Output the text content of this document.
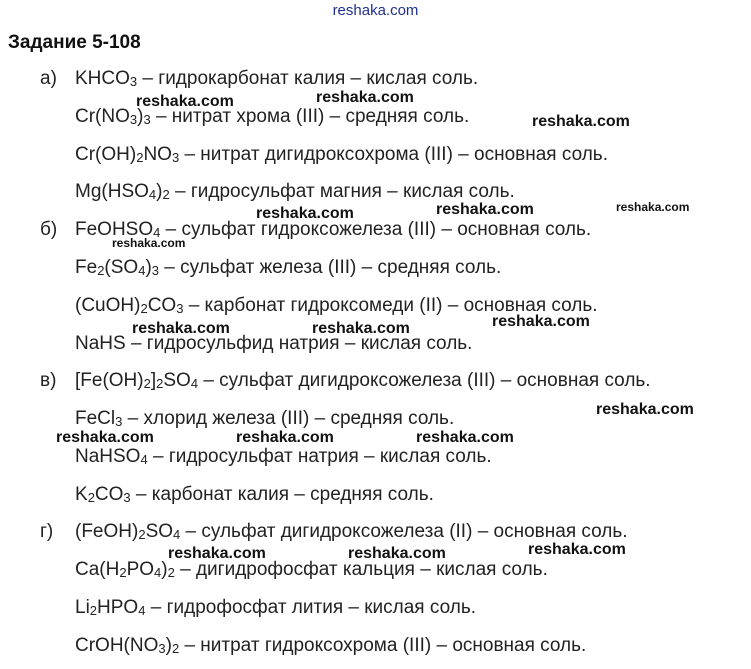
reshaka.com
Задание 5-108
а)
б)
в)
г)
$KHCO_3$ – гидрокарбонат калия – кислая соль.
$Cr(NO_3)_3$ – нитрат хрома (III) – средняя соль.
$Cr(OH)_2NO_3$ – нитрат дигидроксохрома (III) – основная соль.
$Mg(HSO_4)_2$ – гидросульфат магния – кислая соль.
FeOHSO$_4$ – сульфат гидроксожелеза (III) – основная соль.
$Fe_2(SO_4)_3$ – сульфат железа (III) – средняя соль.
$(CuOH)_2CO_3$ – карбонат гидроксомеди (II) – основная соль.
NaHS – гидросульфид натрия – кислая соль.
$[Fe(OH)_2]_2SO_4$ – сульфат дигидроксожелеза (III) – основная соль.
FeCl$_3$ – хлорид железа (III) – средняя соль.
NaHSO$_4$ – гидросульфат натрия – кислая соль.
$K_2CO_3$ – карбонат калия – средняя соль.
$(FeOH)_2SO_4$ – сульфат дигидроксожелеза (II) – основная соль.
$Ca(H_2PO_4)_2$ – дигидрофосфат кальция – кислая соль.
$Li_2HPO_4$ – гидрофосфат лития – кислая соль.
$CrOH(NO_3)_2$ – нитрат гидроксохрома (III) – основная соль.
reshaka.com	reshaka.com
reshaka.com
reshaka.com	reshaka.com	reshaka.com
reshaka.com
reshaka.com	reshaka.com	reshaka.com
reshaka.com
reshaka.com	reshaka.com	reshaka.com
reshaka.com	reshaka.com	reshaka.com
